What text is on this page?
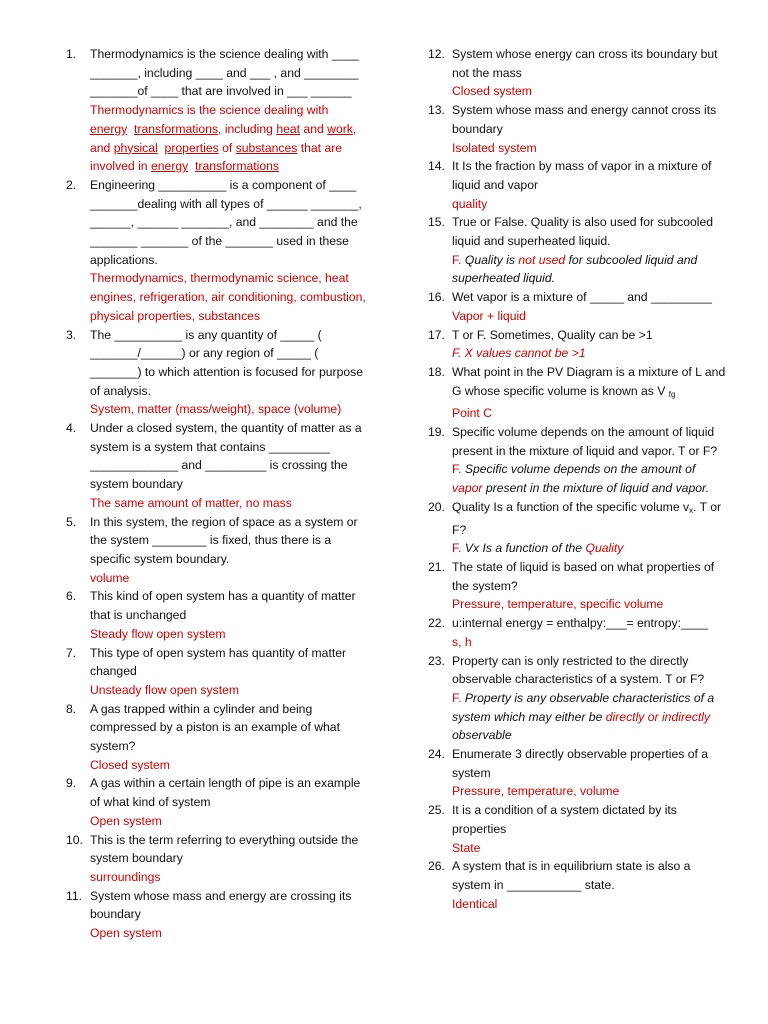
1. Thermodynamics is the science dealing with ____ _______, including ____ and ___ , and ________ _______of ____ that are involved in ___ ______

Thermodynamics is the science dealing with energy transformations, including heat and work, and physical properties of substances that are involved in energy transformations

2. Engineering __________ is a component of ____ _______dealing with all types of ______ _______, ______, ______ _______, and ________ and the _______ _______ of the _______ used in these applications.

Thermodynamics, thermodynamic science, heat engines, refrigeration, air conditioning, combustion, physical properties, substances

3. The __________ is any quantity of _____ ( _______/______) or any region of _____ ( _______) to which attention is focused for purpose of analysis.

System, matter (mass/weight), space (volume)

4. Under a closed system, the quantity of matter as a system is a system that contains _________ _____________ and _________ is crossing the system boundary

The same amount of matter, no mass

5. In this system, the region of space as a system or the system ________ is fixed, thus there is a specific system boundary.

volume

6. This kind of open system has a quantity of matter that is unchanged

Steady flow open system

7. This type of open system has quantity of matter changed

Unsteady flow open system

8. A gas trapped within a cylinder and being compressed by a piston is an example of what system?

Closed system

9. A gas within a certain length of pipe is an example of what kind of system

Open system

10. This is the term referring to everything outside the system boundary

surroundings

11. System whose mass and energy are crossing its boundary

Open system

12. System whose energy can cross its boundary but not the mass

Closed system

13. System whose mass and energy cannot cross its boundary

Isolated system

14. It Is the fraction by mass of vapor in a mixture of liquid and vapor

quality

15. True or False. Quality is also used for subcooled liquid and superheated liquid.

F. Quality is not used for subcooled liquid and superheated liquid.

16. Wet vapor is a mixture of _____ and _________

Vapor + liquid

17. T or F. Sometimes, Quality can be >1

F. X values cannot be >1

18. What point in the PV Diagram is a mixture of L and G whose specific volume is known as V $_{fg}$

Point C

19. Specific volume depends on the amount of liquid present in the mixture of liquid and vapor. T or F?

F. Specific volume depends on the amount of vapor present in the mixture of liquid and vapor.

20. Quality Is a function of the specific volume $v_x$. T or F?

F. Vx Is a function of the Quality

21. The state of liquid is based on what properties of the system?

Pressure, temperature, specific volume

22. u:internal energy = enthalpy:___= entropy:____

s, h

23. Property can is only restricted to the directly observable characteristics of a system. T or F?

F. Property is any observable characteristics of a system which may either be directly or indirectly observable

24. Enumerate 3 directly observable properties of a system

Pressure, temperature, volume

25. It is a condition of a system dictated by its properties

State

26. A system that is in equilibrium state is also a system in ___________ state.

Identical
